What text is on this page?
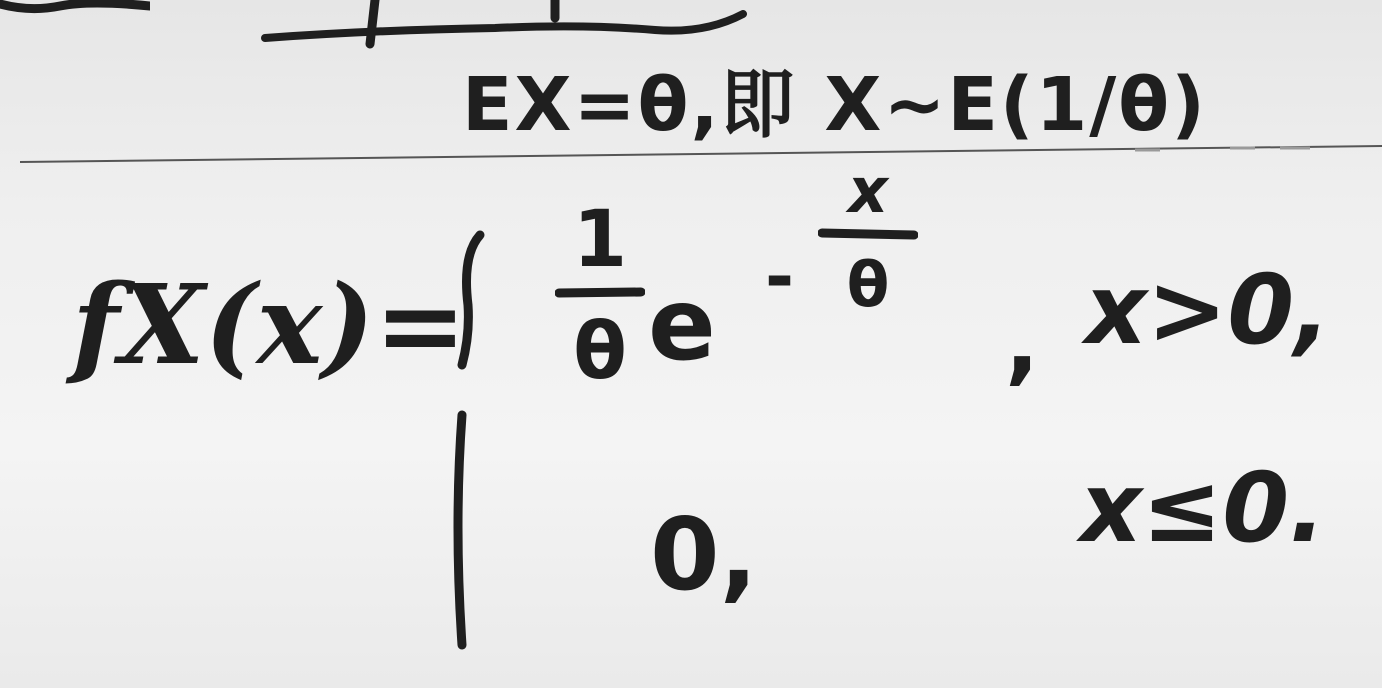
EX=θ,即 X∼E(1/θ)
fX(x)=
1
θ e -
x
θ
, x>0,
0,	x≤0.
